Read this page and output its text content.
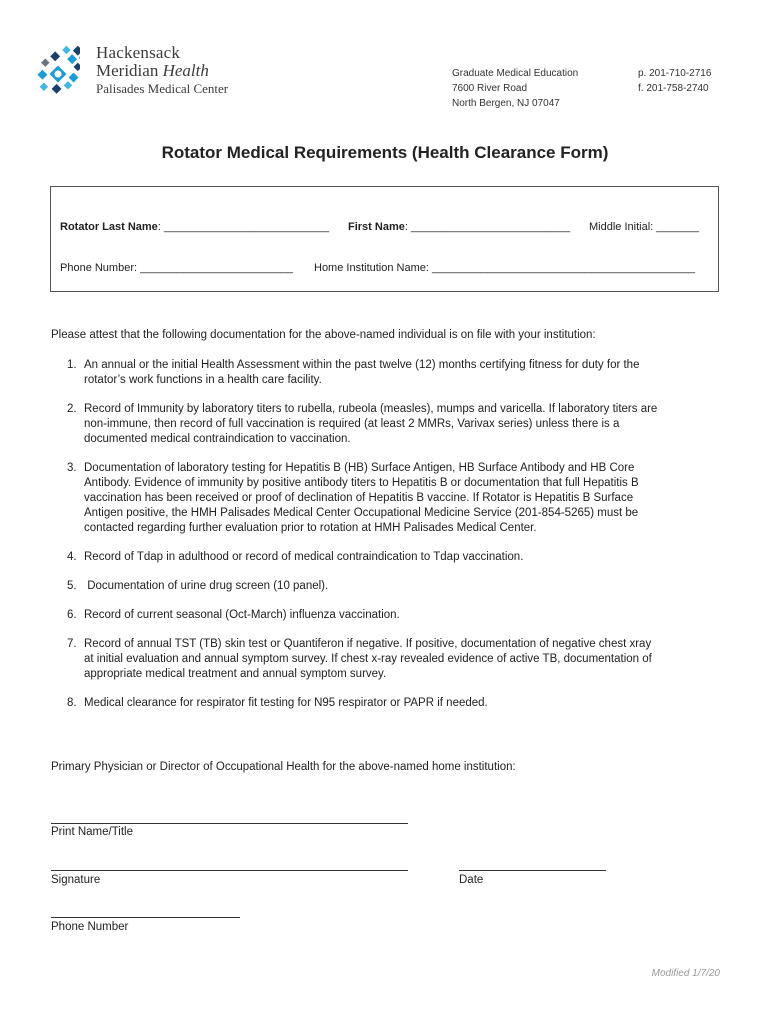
Hackensack
Meridian Health
Palisades Medical Center
Graduate Medical Education
7600 River Road
North Bergen, NJ 07047
p. 201-710-2716
f. 201-758-2740
Rotator Medical Requirements (Health Clearance Form)
Rotator Last Name: ___________________________ First Name: __________________________ Middle Initial: _______
Phone Number: _________________________ Home Institution Name: ___________________________________________
Please attest that the following documentation for the above-named individual is on file with your institution:
1. An annual or the initial Health Assessment within the past twelve (12) months certifying fitness for duty for the
rotator’s work functions in a health care facility.
2. Record of Immunity by laboratory titers to rubella, rubeola (measles), mumps and varicella. If laboratory titers are
non-immune, then record of full vaccination is required (at least 2 MMRs, Varivax series) unless there is a
documented medical contraindication to vaccination.
3. Documentation of laboratory testing for Hepatitis B (HB) Surface Antigen, HB Surface Antibody and HB Core
Antibody. Evidence of immunity by positive antibody titers to Hepatitis B or documentation that full Hepatitis B
vaccination has been received or proof of declination of Hepatitis B vaccine. If Rotator is Hepatitis B Surface
Antigen positive, the HMH Palisades Medical Center Occupational Medicine Service (201-854-5265) must be
contacted regarding further evaluation prior to rotation at HMH Palisades Medical Center.
4. Record of Tdap in adulthood or record of medical contraindication to Tdap vaccination.
5. Documentation of urine drug screen (10 panel).
6. Record of current seasonal (Oct-March) influenza vaccination.
7. Record of annual TST (TB) skin test or Quantiferon if negative. If positive, documentation of negative chest xray
at initial evaluation and annual symptom survey. If chest x-ray revealed evidence of active TB, documentation of
appropriate medical treatment and annual symptom survey.
8. Medical clearance for respirator fit testing for N95 respirator or PAPR if needed.
Primary Physician or Director of Occupational Health for the above-named home institution:
Print Name/Title
Signature	Date
Phone Number
Modified 1/7/20
